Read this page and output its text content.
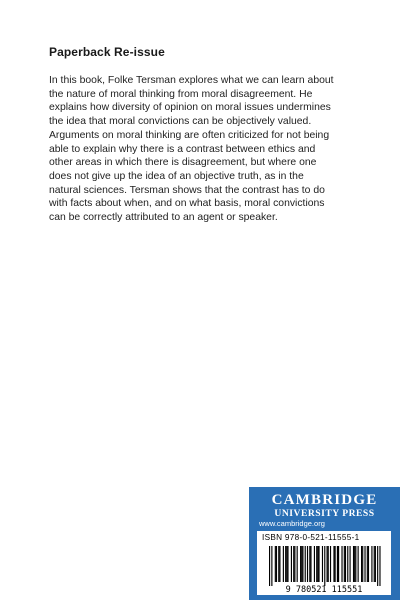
Paperback Re-issue

In this book, Folke Tersman explores what we can learn about
the nature of moral thinking from moral disagreement. He
explains how diversity of opinion on moral issues undermines
the idea that moral convictions can be objectively valued.
Arguments on moral thinking are often criticized for not being
able to explain why there is a contrast between ethics and
other areas in which there is disagreement, but where one
does not give up the idea of an objective truth, as in the
natural sciences. Tersman shows that the contrast has to do
with facts about when, and on what basis, moral convictions
can be correctly attributed to an agent or speaker.

CAMBRIDGE
UNIVERSITY PRESS
www.cambridge.org
ISBN 978-0-521-11555-1
9 780521 115551
